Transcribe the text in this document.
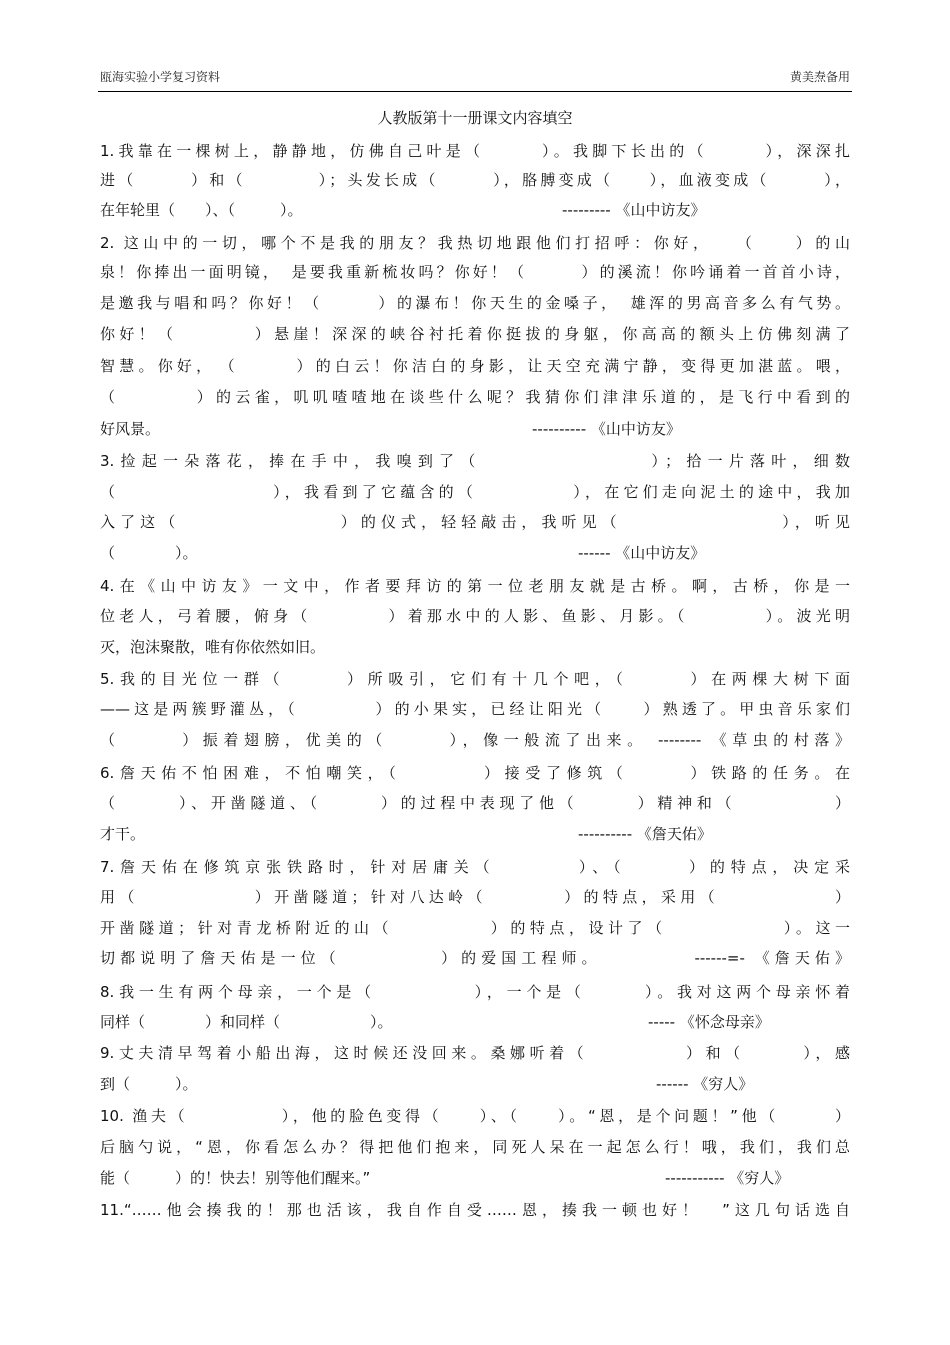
瓯海实验小学复习资料	黄美焘备用
人教版第十一册课文内容填空
1.我靠在一棵树上，静静地，仿佛自己叶是（　　　）。我脚下长出的（　　　），深深扎
进（　　　）和（　　　　）；头发长成（　　　），胳膊变成（　　），血液变成（　　　），
在年轮里（　　）、（　　　）。
2. 这山中的一切，哪个不是我的朋友？我热切地跟他们打招呼：你好，　　（　　）的山
泉！你捧出一面明镜，　是要我重新梳妆吗？你好！（　　　）的溪流！你吟诵着一首首小诗，
是邀我与唱和吗？你好！（　　　）的瀑布！你天生的金嗓子，　雄浑的男高音多么有气势。
你好！（　　　　）悬崖！深深的峡谷衬托着你挺拔的身躯，你高高的额头上仿佛刻满了
智慧。你好，　（　　　）的白云！你洁白的身影，让天空充满宁静，变得更加湛蓝。喂，
（　　　　）的云雀，叽叽喳喳地在谈些什么呢？我猜你们津津乐道的，是飞行中看到的
好风景。
3.捡起一朵落花，捧在手中，我嗅到了（　　　　　　　　）；拾一片落叶，细数
（　　　　　　　　），我看到了它蕴含的（　　　　　），在它们走向泥土的途中，我加
入了这（　　　　　　　　）的仪式，轻轻敲击，我听见（　　　　　　　　），听见
（　　　　）。
4.在《山中访友》一文中，作者要拜访的第一位老朋友就是古桥。啊，古桥，你是一
位老人，弓着腰，俯身（　　　　）着那水中的人影、鱼影、月影。（　　　　）。波光明
灭，泡沫聚散，唯有你依然如旧。
5.我的目光位一群（　　　）所吸引，它们有十几个吧，（　　　）在两棵大树下面
——这是两簇野灌丛，（　　　　）的小果实，已经让阳光（　　）熟透了。甲虫音乐家们
（　　　）振着翅膀，优美的（　　　），像一般流了出来。 -------- 《草虫的村落》
6.詹天佑不怕困难，不怕嘲笑，（　　　　）接受了修筑（　　　）铁路的任务。在
（　　　）、开凿隧道、（　　　）的过程中表现了他（　　　）精神和（　　　　　）
才干。
7.詹天佑在修筑京张铁路时，针对居庸关（　　　　）、（　　　）的特点，决定采
用（　　　　　　）开凿隧道；针对八达岭（　　　　）的特点，采用（　　　　　　）
开凿隧道；针对青龙桥附近的山（　　　　　）的特点，设计了（　　　　　　）。这一
切都说明了詹天佑是一位（　　　　　）的爱国工程师。　　　　　------=- 《詹天佑》
8.我一生有两个母亲，一个是（　　　　　），一个是（　　　）。我对这两个母亲怀着
同样（　　　　）和同样（　　　　　　）。
9.丈夫清早驾着小船出海，这时候还没回来。桑娜听着（　　　　　）和（　　　），感
到（　　　）。
10. 渔夫（　　　　　），他的脸色变得（　　）、（　　）。“恩，是个问题！”他（　　　）
后脑勺说，“恩，你看怎么办？得把他们抱来，同死人呆在一起怎么行！哦，我们，我们总
能（　　　）的！快去！别等他们醒来。”
11.“……他会揍我的！那也活该，我自作自受……恩，揍我一顿也好！　”这几句话选自
--------- 《山中访友》
---------- 《山中访友》
------ 《山中访友》
---------- 《詹天佑》
----- 《怀念母亲》
------ 《穷人》
----------- 《穷人》
